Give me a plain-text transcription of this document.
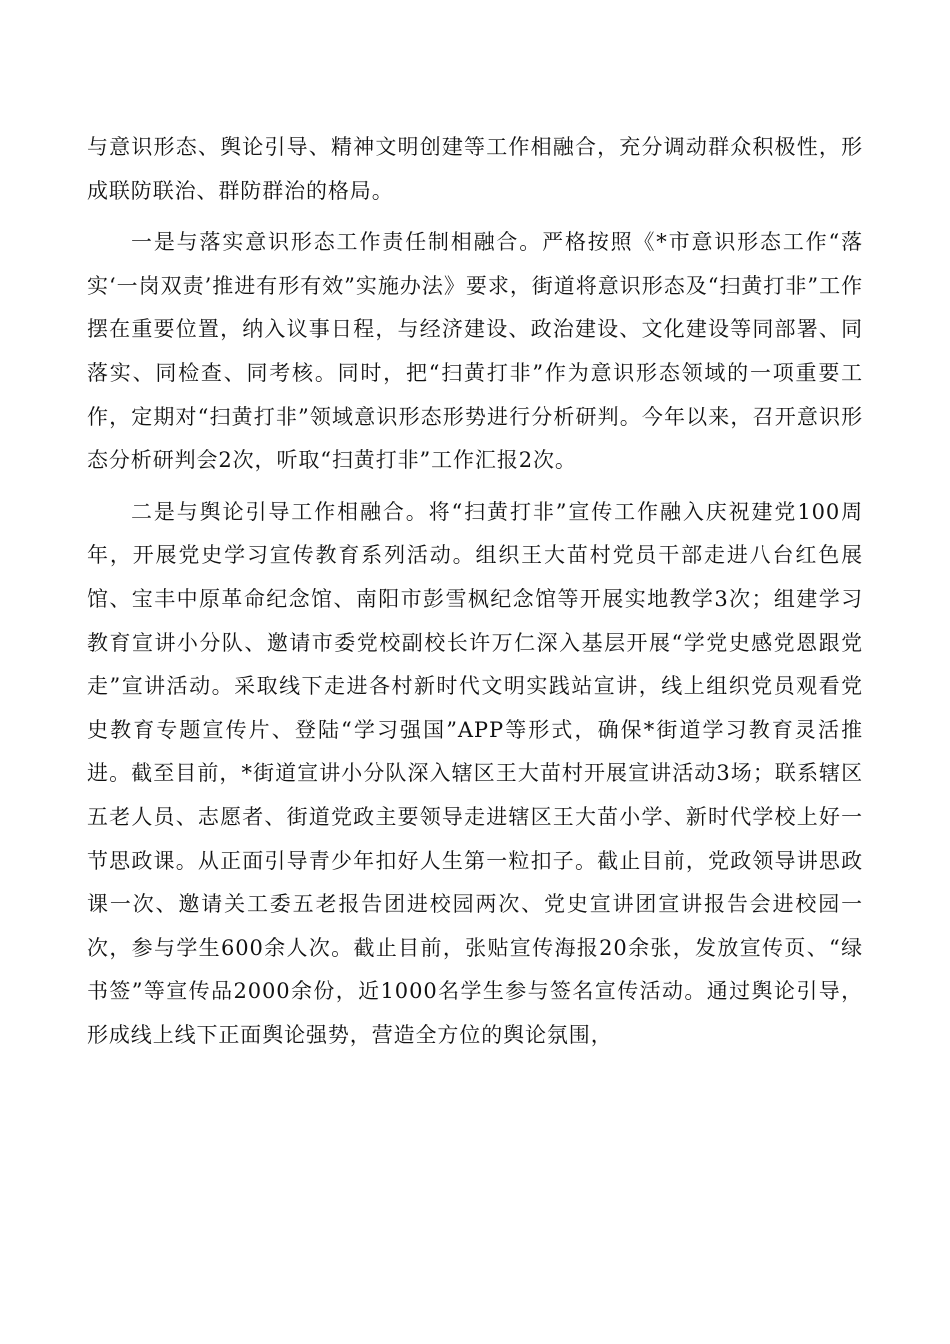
与意识形态、舆论引导、精神文明创建等工作相融合，充分调动群众积极性，形成联防联治、群防群治的格局。

一是与落实意识形态工作责任制相融合。严格按照《*市意识形态工作“落实‘一岗双责’推进有形有效”实施办法》要求，街道将意识形态及“扫黄打非”工作摆在重要位置，纳入议事日程，与经济建设、政治建设、文化建设等同部署、同落实、同检查、同考核。同时，把“扫黄打非”作为意识形态领域的一项重要工作，定期对“扫黄打非”领域意识形态形势进行分析研判。今年以来，召开意识形态分析研判会2次，听取“扫黄打非”工作汇报2次。

二是与舆论引导工作相融合。将“扫黄打非”宣传工作融入庆祝建党100周年，开展党史学习宣传教育系列活动。组织王大苗村党员干部走进八台红色展馆、宝丰中原革命纪念馆、南阳市彭雪枫纪念馆等开展实地教学3次；组建学习教育宣讲小分队、邀请市委党校副校长许万仁深入基层开展“学党史感党恩跟党走”宣讲活动。采取线下走进各村新时代文明实践站宣讲，线上组织党员观看党史教育专题宣传片、登陆“学习强国”APP等形式，确保*街道学习教育灵活推进。截至目前，*街道宣讲小分队深入辖区王大苗村开展宣讲活动3场；联系辖区五老人员、志愿者、街道党政主要领导走进辖区王大苗小学、新时代学校上好一节思政课。从正面引导青少年扣好人生第一粒扣子。截止目前，党政领导讲思政课一次、邀请关工委五老报告团进校园两次、党史宣讲团宣讲报告会进校园一次，参与学生600余人次。截止目前，张贴宣传海报20余张，发放宣传页、“绿书签”等宣传品2000余份，近1000名学生参与签名宣传活动。通过舆论引导，形成线上线下正面舆论强势，营造全方位的舆论氛围，
